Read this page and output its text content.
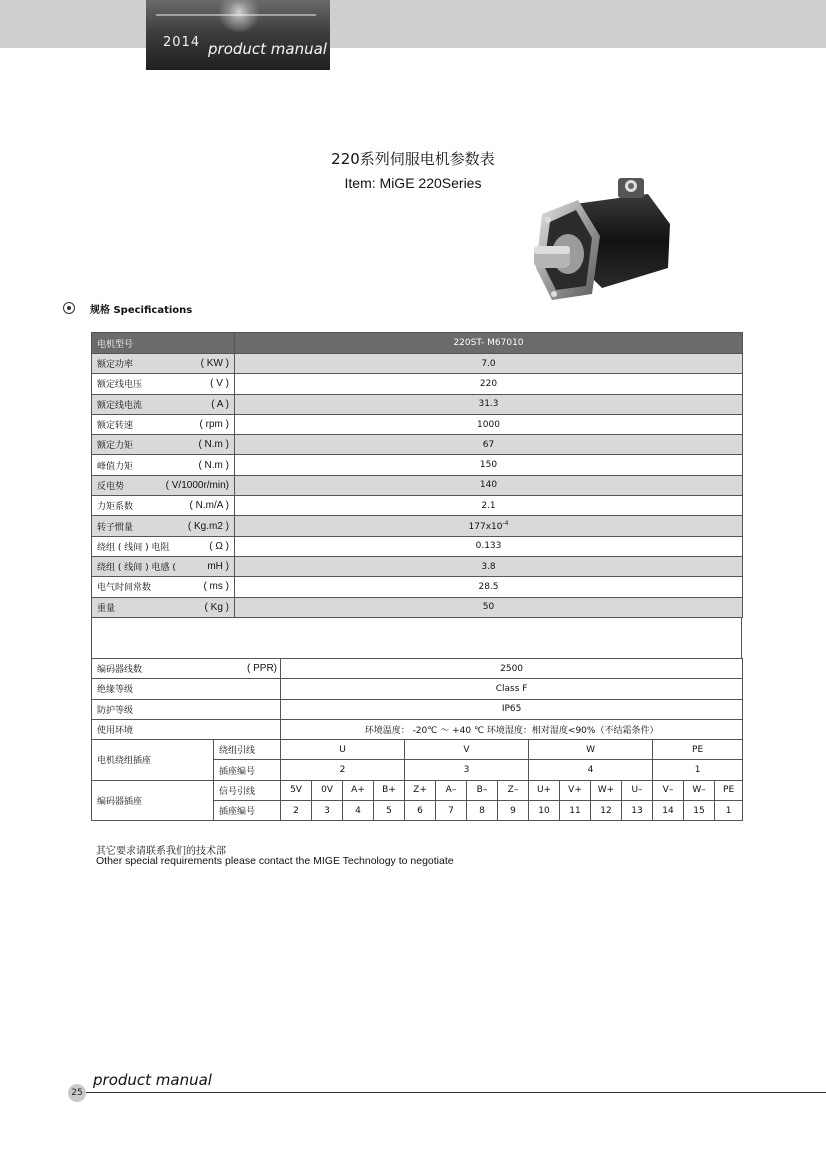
2014 product manual
220系列伺服电机参数表
Item: MiGE 220Series
规格 Specifications
电机型号	220ST- M67010

额定功率 ( KW )	7.0

额定线电压 ( V )	220

额定线电流 ( A )	31.3

额定转速 ( rpm )	1000

额定力矩 ( N.m )	67

峰值力矩 ( N.m )	150

反电势 ( V/1000r/min)	140

力矩系数 ( N.m/A )	2.1

转子惯量 ( Kg.m2 )	$177x10^{-4}$

绕组 ( 线间 ) 电阻 ( Ω )	0.133

绕组 ( 线间 ) 电感 ( mH )	3.8

电气时间常数 ( ms )	28.5

重量 ( Kg )	50
编码器线数 ( PPR)		2500														
绝缘等级		Class F														
防护等级		IP65														
使用环境		环境温度： -20℃ ～ +40 ℃ 环境湿度：相对湿度<90%（不结霜条件）														
电机绕组插座	绕组引线	U				V				W				PE		
	插座编号	2				3				4				1		
编码器插座	信号引线	5V	0V	A+	B+	Z+	A–	B–	Z–	U+	V+	W+	U–	V–	W–	PE
	插座编号	2	3	4	5	6	7	8	9	10	11	12	13	14	15	1
其它要求请联系我们的技术部
Other special requirements please contact the MIGE Technology to negotiate
25
product manual
